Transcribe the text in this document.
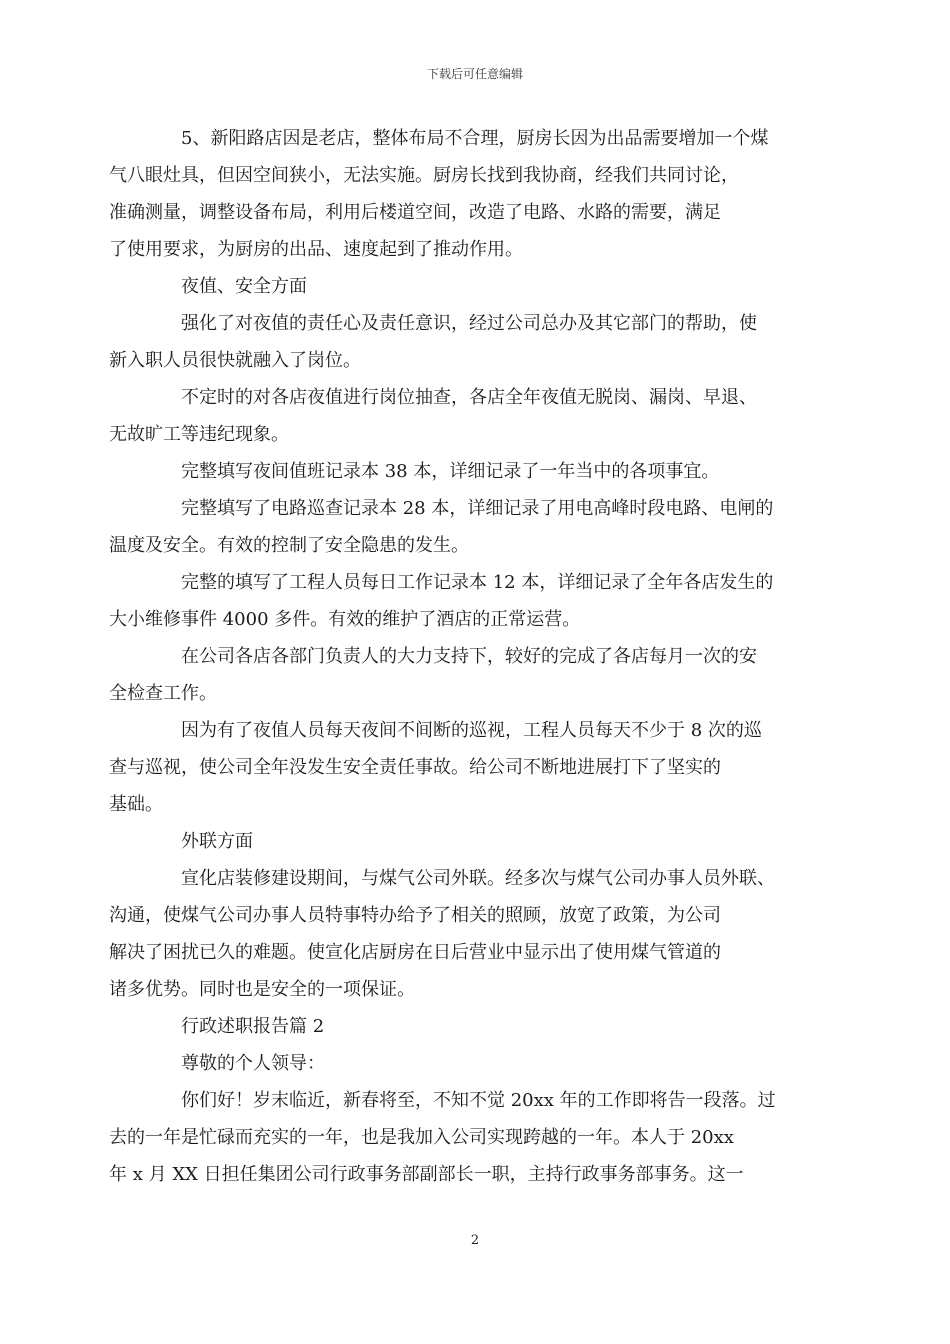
下载后可任意编辑

5、新阳路店因是老店，整体布局不合理，厨房长因为出品需要增加一个煤
气八眼灶具，但因空间狭小，无法实施。厨房长找到我协商，经我们共同讨论，
准确测量，调整设备布局，利用后楼道空间，改造了电路、水路的需要，满足
了使用要求，为厨房的出品、速度起到了推动作用。

夜值、安全方面

强化了对夜值的责任心及责任意识，经过公司总办及其它部门的帮助，使
新入职人员很快就融入了岗位。

不定时的对各店夜值进行岗位抽查，各店全年夜值无脱岗、漏岗、早退、
无故旷工等违纪现象。

完整填写夜间值班记录本 38 本，详细记录了一年当中的各项事宜。

完整填写了电路巡查记录本 28 本，详细记录了用电高峰时段电路、电闸的
温度及安全。有效的控制了安全隐患的发生。

完整的填写了工程人员每日工作记录本 12 本，详细记录了全年各店发生的
大小维修事件 4000 多件。有效的维护了酒店的正常运营。

在公司各店各部门负责人的大力支持下，较好的完成了各店每月一次的安
全检查工作。

因为有了夜值人员每天夜间不间断的巡视，工程人员每天不少于 8 次的巡
查与巡视，使公司全年没发生安全责任事故。给公司不断地进展打下了坚实的
基础。

外联方面

宣化店装修建设期间，与煤气公司外联。经多次与煤气公司办事人员外联、
沟通，使煤气公司办事人员特事特办给予了相关的照顾，放宽了政策，为公司
解决了困扰已久的难题。使宣化店厨房在日后营业中显示出了使用煤气管道的
诸多优势。同时也是安全的一项保证。

行政述职报告篇 2

尊敬的个人领导：

你们好！岁末临近，新春将至，不知不觉 20xx 年的工作即将告一段落。过
去的一年是忙碌而充实的一年，也是我加入公司实现跨越的一年。本人于 20xx
年 x 月 XX 日担任集团公司行政事务部副部长一职，主持行政事务部事务。这一

2
